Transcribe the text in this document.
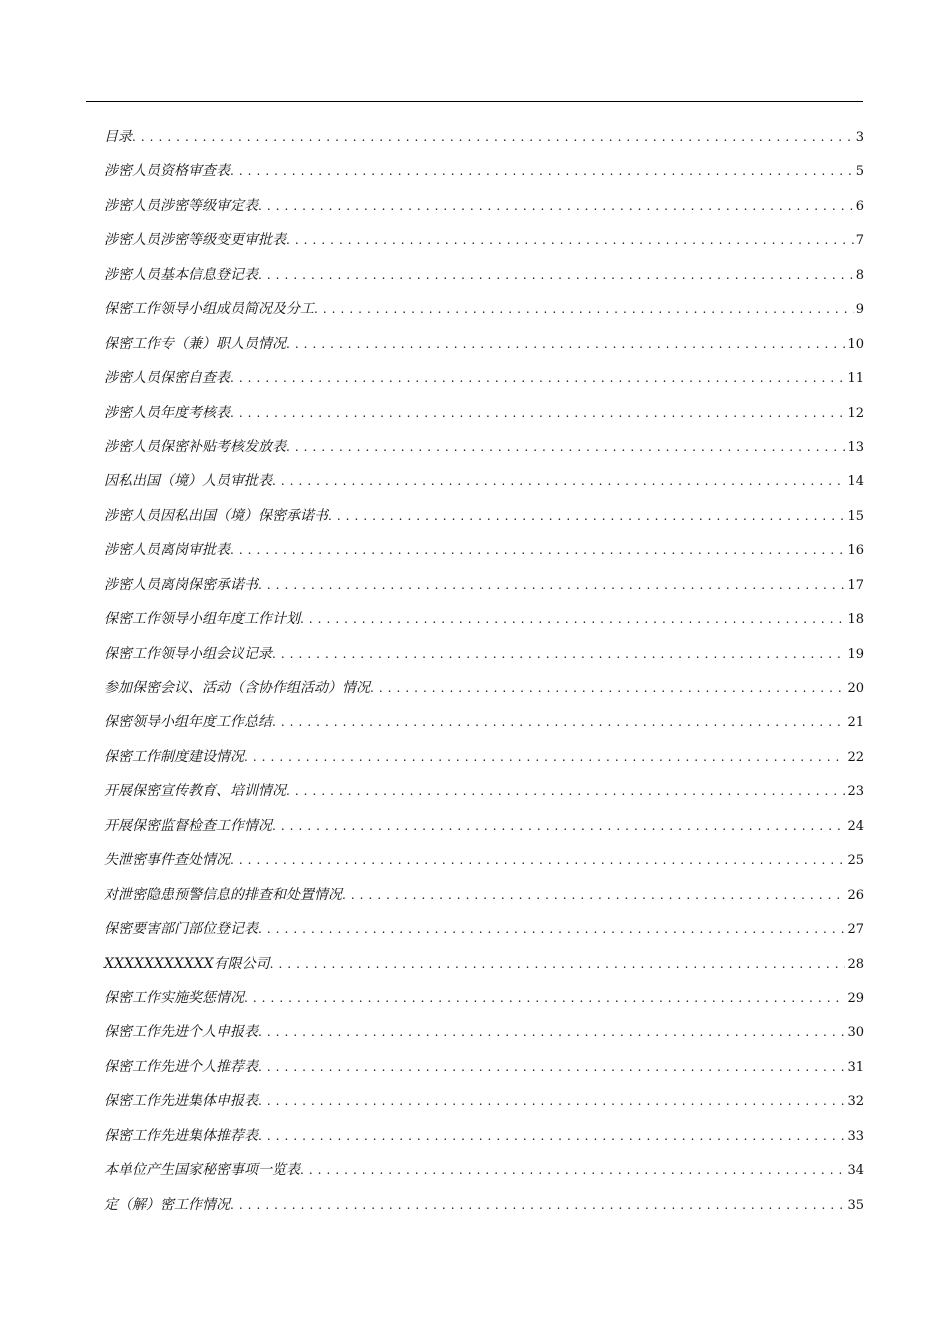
目录 . . .	3
涉密人员资格审查表 . . .	5
涉密人员涉密等级审定表 . . .	6
涉密人员涉密等级变更审批表 . . .	7
涉密人员基本信息登记表 . . .	8
保密工作领导小组成员简况及分工 . . .	9
保密工作专（兼）职人员情况 . . .	10
涉密人员保密自查表 . . .	11
涉密人员年度考核表 . . .	12
涉密人员保密补贴考核发放表 . . .	13
因私出国（境）人员审批表 . . .	14
涉密人员因私出国（境）保密承诺书 . . .	15
涉密人员离岗审批表 . . .	16
涉密人员离岗保密承诺书 . . .	17
保密工作领导小组年度工作计划 . . .	18
保密工作领导小组会议记录 . . .	19
参加保密会议、活动（含协作组活动）情况 . . .	20
保密领导小组年度工作总结 . . .	21
保密工作制度建设情况 . . .	22
开展保密宣传教育、培训情况 . . .	23
开展保密监督检查工作情况 . . .	24
失泄密事件查处情况 . . .	25
对泄密隐患预警信息的排查和处置情况 . . .	26
保密要害部门部位登记表 . . .	27
XXXXXXXXXXX有限公司 . . .	28
保密工作实施奖惩情况 . . .	29
保密工作先进个人申报表 . . .	30
保密工作先进个人推荐表 . . .	31
保密工作先进集体申报表 . . .	32
保密工作先进集体推荐表 . . .	33
本单位产生国家秘密事项一览表 . . .	34
定（解）密工作情况 . . .	35
